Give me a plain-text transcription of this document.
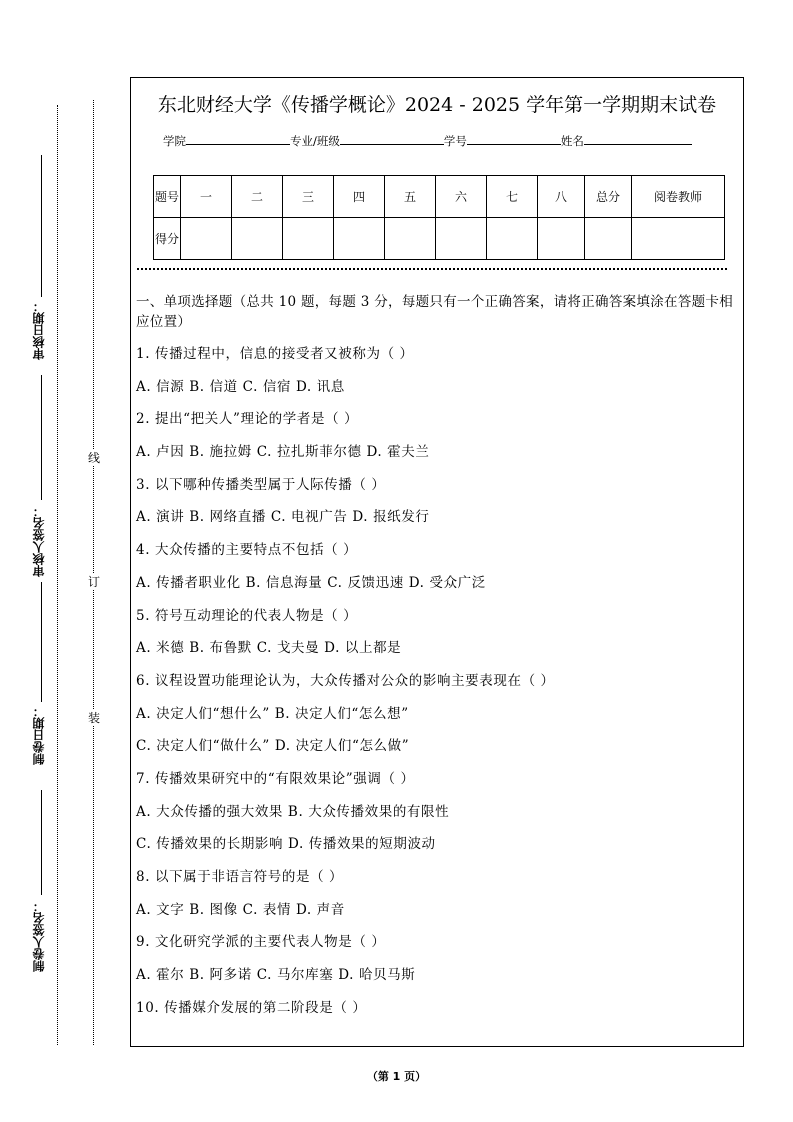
审核日期：
审核人签名：
制卷日期：
制卷人签名：
线
订
装
东北财经大学《传播学概论》2024 - 2025 学年第一学期期末试卷
学院	专业/班级	学号	姓名
题号	一	二	三	四	五	六	七	八	总分	阅卷教师
得分										
一、单项选择题（总共 10 题，每题 3 分，每题只有一个正确答案，请将正确答案填涂在答题卡相应位置）
1. 传播过程中，信息的接受者又被称为（ ）
A. 信源 B. 信道 C. 信宿 D. 讯息
2. 提出“把关人”理论的学者是（ ）
A. 卢因 B. 施拉姆 C. 拉扎斯菲尔德 D. 霍夫兰
3. 以下哪种传播类型属于人际传播（ ）
A. 演讲 B. 网络直播 C. 电视广告 D. 报纸发行
4. 大众传播的主要特点不包括（ ）
A. 传播者职业化 B. 信息海量 C. 反馈迅速 D. 受众广泛
5. 符号互动理论的代表人物是（ ）
A. 米德 B. 布鲁默 C. 戈夫曼 D. 以上都是
6. 议程设置功能理论认为，大众传播对公众的影响主要表现在（ ）
A. 决定人们“想什么” B. 决定人们“怎么想”
C. 决定人们“做什么” D. 决定人们“怎么做”
7. 传播效果研究中的“有限效果论”强调（ ）
A. 大众传播的强大效果 B. 大众传播效果的有限性
C. 传播效果的长期影响 D. 传播效果的短期波动
8. 以下属于非语言符号的是（ ）
A. 文字 B. 图像 C. 表情 D. 声音
9. 文化研究学派的主要代表人物是（ ）
A. 霍尔 B. 阿多诺 C. 马尔库塞 D. 哈贝马斯
10. 传播媒介发展的第二阶段是（ ）
（第 1 页）
